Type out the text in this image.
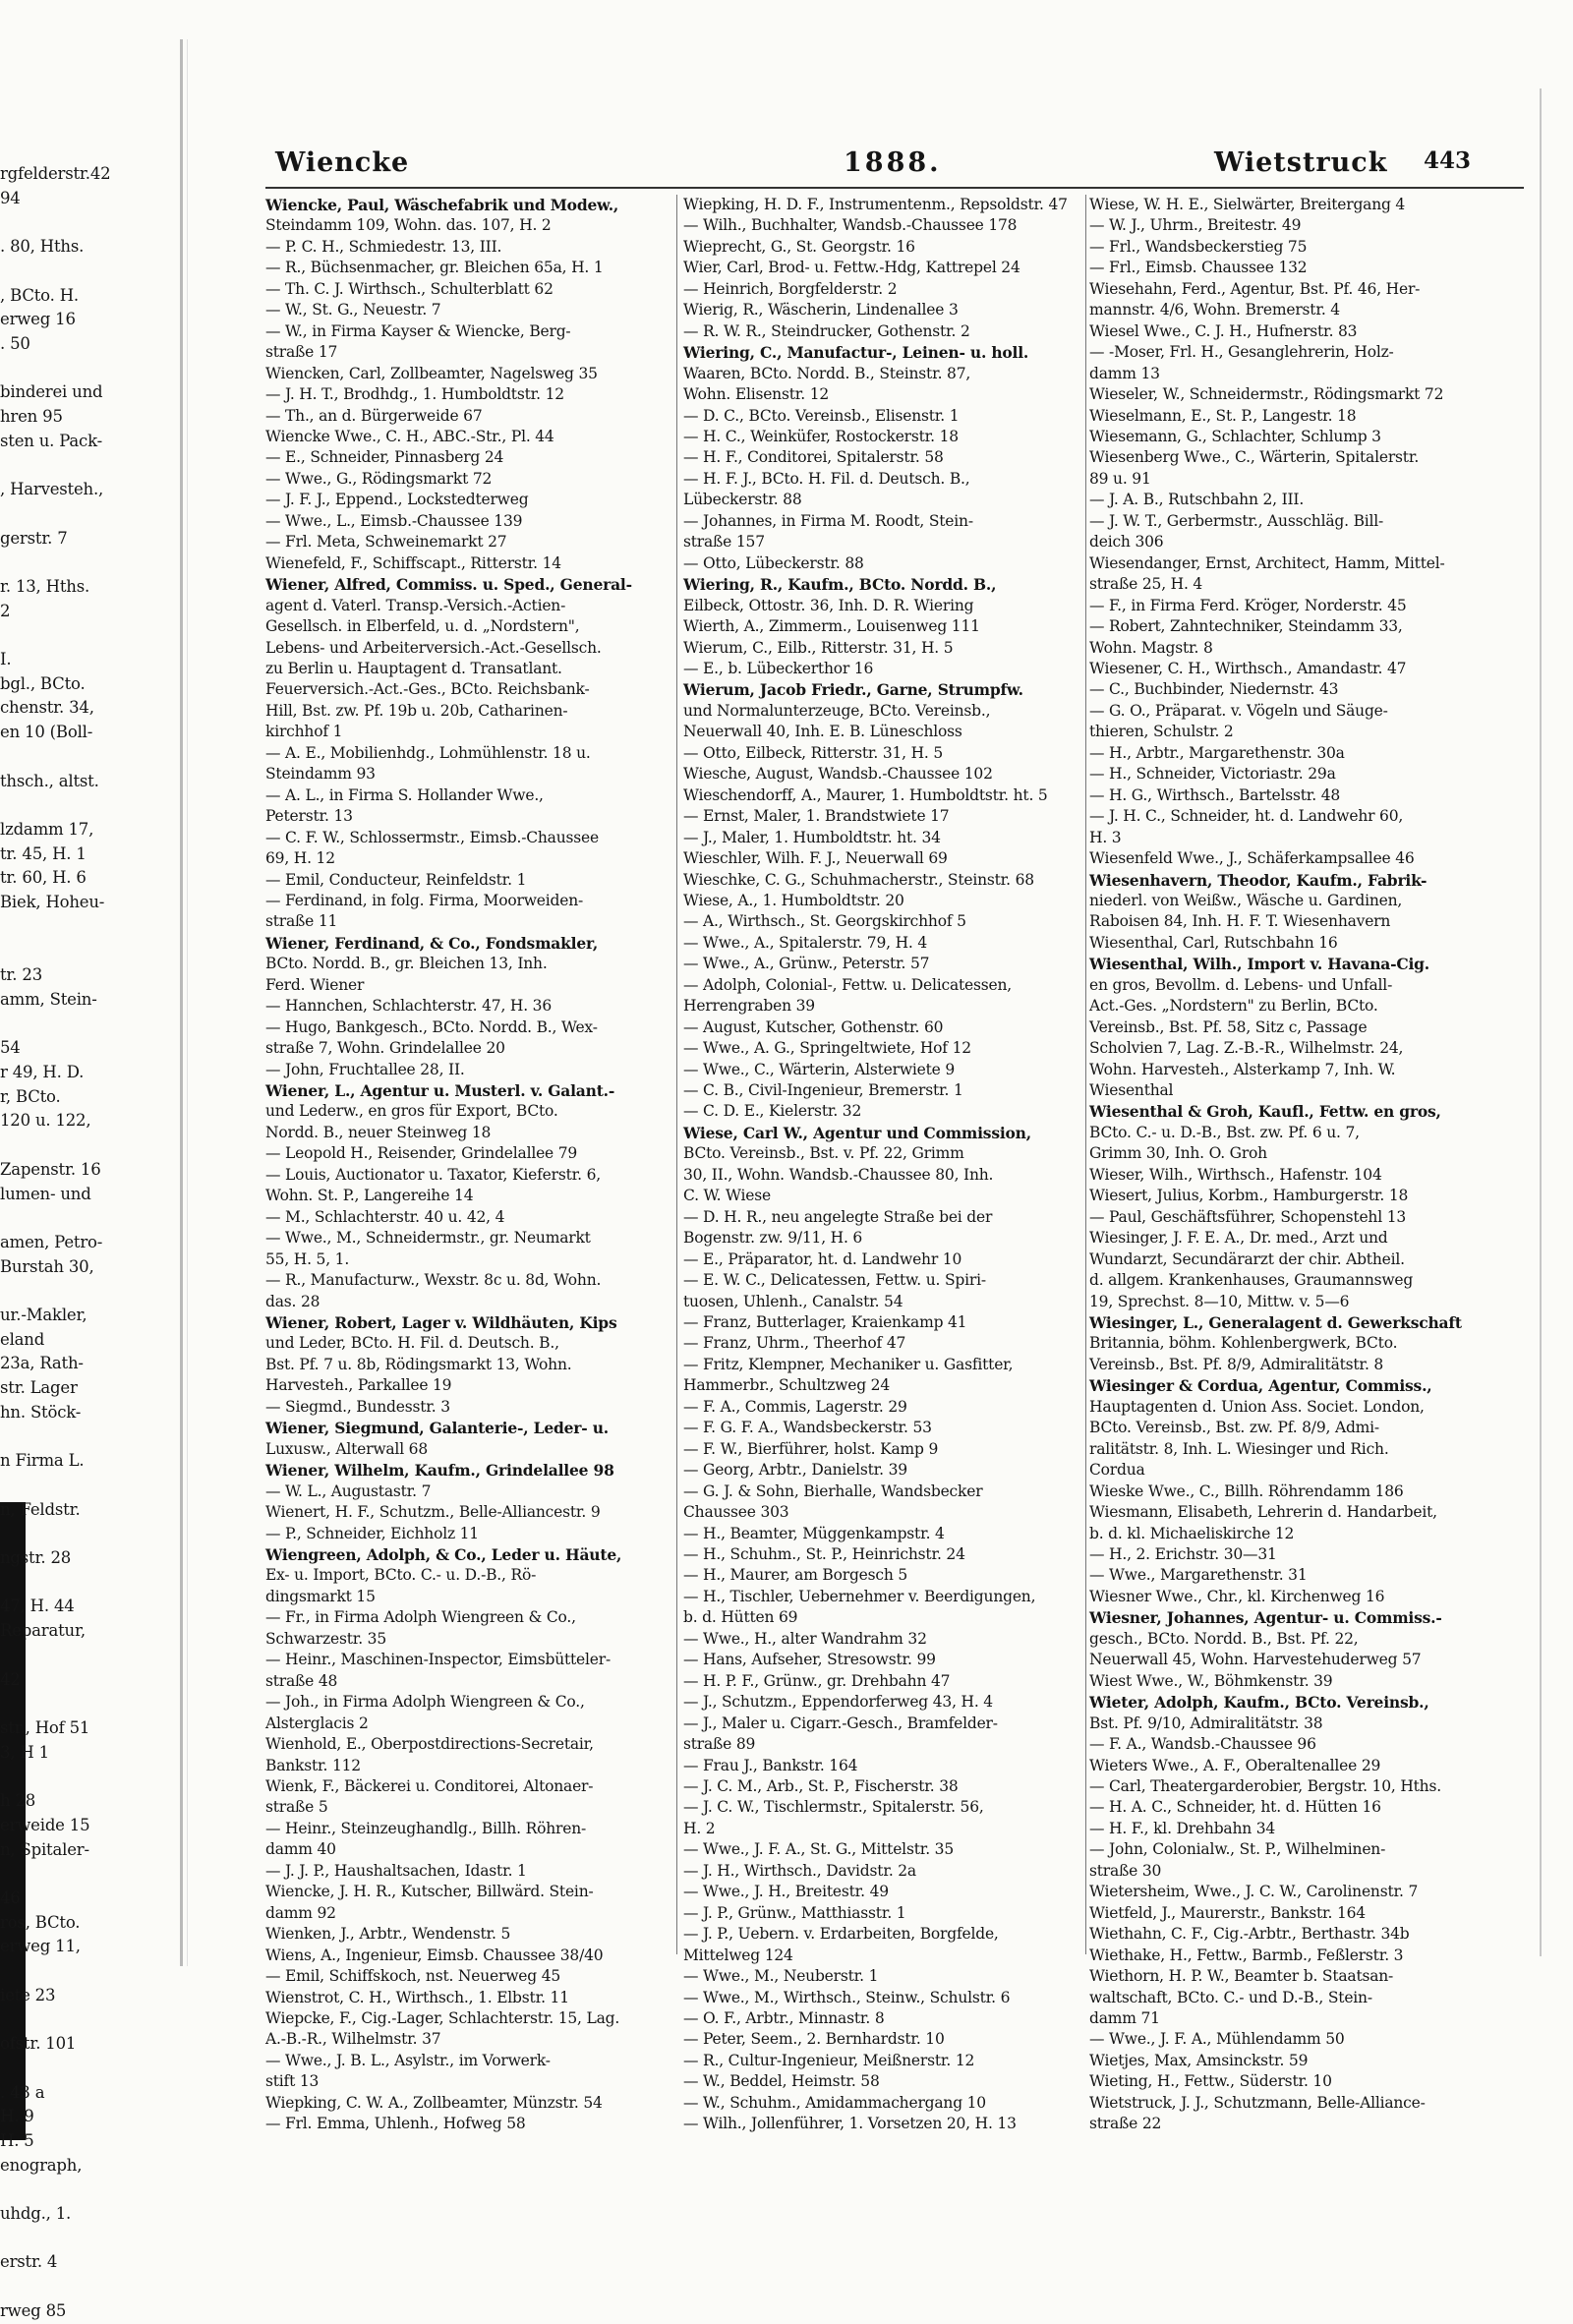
rgfelderstr.42
94

. 80, Hths.

, BCto. H.
erweg 16
. 50

binderei und
hren 95
sten u. Pack-

, Harvesteh.,

gerstr. 7

r. 13, Hths.
2

I.
bgl., BCto.
chenstr. 34,
en 10 (Boll-

thsch., altst.

lzdamm 17,
tr. 45, H. 1
tr. 60, H. 6
Biek, Hoheu-

tr. 23
amm, Stein-

54
r 49, H. D.
r, BCto.
120 u. 122,

Zapenstr. 16
lumen- und

amen, Petro-
Burstah 30,

ur.-Makler,
eland
23a, Rath-
str. Lager
hn. Stöck-

n Firma L.

n, Feldstr.

ngstr. 28

47, H. 44
Reparatur,

42

str., Hof 51
3, H 1

h 28
erweide 15
n, Spitaler-

46
ros, BCto.
erweg 11,

iete 23

ofstr. 101

. 43 a
H. 9
H. 5
enograph,

uhdg., 1.

erstr. 4

rweg 85
Wiencke	1888.	Wietstruck 443
Wiencke, Paul, Wäschefabrik und Modew.,
Steindamm 109, Wohn. das. 107, H. 2
— P. C. H., Schmiedestr. 13, III.
— R., Büchsenmacher, gr. Bleichen 65a, H. 1
— Th. C. J. Wirthsch., Schulterblatt 62
— W., St. G., Neuestr. 7
— W., in Firma Kayser & Wiencke, Berg-
straße 17
Wiencken, Carl, Zollbeamter, Nagelsweg 35
— J. H. T., Brodhdg., 1. Humboldtstr. 12
— Th., an d. Bürgerweide 67
Wiencke Wwe., C. H., ABC.-Str., Pl. 44
— E., Schneider, Pinnasberg 24
— Wwe., G., Rödingsmarkt 72
— J. F. J., Eppend., Lockstedterweg
— Wwe., L., Eimsb.-Chaussee 139
— Frl. Meta, Schweinemarkt 27
Wienefeld, F., Schiffscapt., Ritterstr. 14
Wiener, Alfred, Commiss. u. Sped., General-
agent d. Vaterl. Transp.-Versich.-Actien-
Gesellsch. in Elberfeld, u. d. „Nordstern",
Lebens- und Arbeiterversich.-Act.-Gesellsch.
zu Berlin u. Hauptagent d. Transatlant.
Feuerversich.-Act.-Ges., BCto. Reichsbank-
Hill, Bst. zw. Pf. 19b u. 20b, Catharinen-
kirchhof 1
— A. E., Mobilienhdg., Lohmühlenstr. 18 u.
Steindamm 93
— A. L., in Firma S. Hollander Wwe.,
Peterstr. 13
— C. F. W., Schlossermstr., Eimsb.-Chaussee
69, H. 12
— Emil, Conducteur, Reinfeldstr. 1
— Ferdinand, in folg. Firma, Moorweiden-
straße 11
Wiener, Ferdinand, & Co., Fondsmakler,
BCto. Nordd. B., gr. Bleichen 13, Inh.
Ferd. Wiener
— Hannchen, Schlachterstr. 47, H. 36
— Hugo, Bankgesch., BCto. Nordd. B., Wex-
straße 7, Wohn. Grindelallee 20
— John, Fruchtallee 28, II.
Wiener, L., Agentur u. Musterl. v. Galant.-
und Lederw., en gros für Export, BCto.
Nordd. B., neuer Steinweg 18
— Leopold H., Reisender, Grindelallee 79
— Louis, Auctionator u. Taxator, Kieferstr. 6,
Wohn. St. P., Langereihe 14
— M., Schlachterstr. 40 u. 42, 4
— Wwe., M., Schneidermstr., gr. Neumarkt
55, H. 5, 1.
— R., Manufacturw., Wexstr. 8c u. 8d, Wohn.
das. 28
Wiener, Robert, Lager v. Wildhäuten, Kips
und Leder, BCto. H. Fil. d. Deutsch. B.,
Bst. Pf. 7 u. 8b, Rödingsmarkt 13, Wohn.
Harvesteh., Parkallee 19
— Siegmd., Bundesstr. 3
Wiener, Siegmund, Galanterie-, Leder- u.
Luxusw., Alterwall 68
Wiener, Wilhelm, Kaufm., Grindelallee 98
— W. L., Augustastr. 7
Wienert, H. F., Schutzm., Belle-Alliancestr. 9
— P., Schneider, Eichholz 11
Wiengreen, Adolph, & Co., Leder u. Häute,
Ex- u. Import, BCto. C.- u. D.-B., Rö-
dingsmarkt 15
— Fr., in Firma Adolph Wiengreen & Co.,
Schwarzestr. 35
— Heinr., Maschinen-Inspector, Eimsbütteler-
straße 48
— Joh., in Firma Adolph Wiengreen & Co.,
Alsterglacis 2
Wienhold, E., Oberpostdirections-Secretair,
Bankstr. 112
Wienk, F., Bäckerei u. Conditorei, Altonaer-
straße 5
— Heinr., Steinzeughandlg., Billh. Röhren-
damm 40
— J. J. P., Haushaltsachen, Idastr. 1
Wiencke, J. H. R., Kutscher, Billwärd. Stein-
damm 92
Wienken, J., Arbtr., Wendenstr. 5
Wiens, A., Ingenieur, Eimsb. Chaussee 38/40
— Emil, Schiffskoch, nst. Neuerweg 45
Wienstrot, C. H., Wirthsch., 1. Elbstr. 11
Wiepcke, F., Cig.-Lager, Schlachterstr. 15, Lag.
A.-B.-R., Wilhelmstr. 37
— Wwe., J. B. L., Asylstr., im Vorwerk-
stift 13
Wiepking, C. W. A., Zollbeamter, Münzstr. 54
— Frl. Emma, Uhlenh., Hofweg 58
Wiepking, H. D. F., Instrumentenm., Repsoldstr. 47
— Wilh., Buchhalter, Wandsb.-Chaussee 178
Wieprecht, G., St. Georgstr. 16
Wier, Carl, Brod- u. Fettw.-Hdg, Kattrepel 24
— Heinrich, Borgfelderstr. 2
Wierig, R., Wäscherin, Lindenallee 3
— R. W. R., Steindrucker, Gothenstr. 2
Wiering, C., Manufactur-, Leinen- u. holl.
Waaren, BCto. Nordd. B., Steinstr. 87,
Wohn. Elisenstr. 12
— D. C., BCto. Vereinsb., Elisenstr. 1
— H. C., Weinküfer, Rostockerstr. 18
— H. F., Conditorei, Spitalerstr. 58
— H. F. J., BCto. H. Fil. d. Deutsch. B.,
Lübeckerstr. 88
— Johannes, in Firma M. Roodt, Stein-
straße 157
— Otto, Lübeckerstr. 88
Wiering, R., Kaufm., BCto. Nordd. B.,
Eilbeck, Ottostr. 36, Inh. D. R. Wiering
Wierth, A., Zimmerm., Louisenweg 111
Wierum, C., Eilb., Ritterstr. 31, H. 5
— E., b. Lübeckerthor 16
Wierum, Jacob Friedr., Garne, Strumpfw.
und Normalunterzeuge, BCto. Vereinsb.,
Neuerwall 40, Inh. E. B. Lüneschloss
— Otto, Eilbeck, Ritterstr. 31, H. 5
Wiesche, August, Wandsb.-Chaussee 102
Wieschendorff, A., Maurer, 1. Humboldtstr. ht. 5
— Ernst, Maler, 1. Brandstwiete 17
— J., Maler, 1. Humboldtstr. ht. 34
Wieschler, Wilh. F. J., Neuerwall 69
Wieschke, C. G., Schuhmacherstr., Steinstr. 68
Wiese, A., 1. Humboldtstr. 20
— A., Wirthsch., St. Georgskirchhof 5
— Wwe., A., Spitalerstr. 79, H. 4
— Wwe., A., Grünw., Peterstr. 57
— Adolph, Colonial-, Fettw. u. Delicatessen,
Herrengraben 39
— August, Kutscher, Gothenstr. 60
— Wwe., A. G., Springeltwiete, Hof 12
— Wwe., C., Wärterin, Alsterwiete 9
— C. B., Civil-Ingenieur, Bremerstr. 1
— C. D. E., Kielerstr. 32
Wiese, Carl W., Agentur und Commission,
BCto. Vereinsb., Bst. v. Pf. 22, Grimm
30, II., Wohn. Wandsb.-Chaussee 80, Inh.
C. W. Wiese
— D. H. R., neu angelegte Straße bei der
Bogenstr. zw. 9/11, H. 6
— E., Präparator, ht. d. Landwehr 10
— E. W. C., Delicatessen, Fettw. u. Spiri-
tuosen, Uhlenh., Canalstr. 54
— Franz, Butterlager, Kraienkamp 41
— Franz, Uhrm., Theerhof 47
— Fritz, Klempner, Mechaniker u. Gasfitter,
Hammerbr., Schultzweg 24
— F. A., Commis, Lagerstr. 29
— F. G. F. A., Wandsbeckerstr. 53
— F. W., Bierführer, holst. Kamp 9
— Georg, Arbtr., Danielstr. 39
— G. J. & Sohn, Bierhalle, Wandsbecker
Chaussee 303
— H., Beamter, Müggenkampstr. 4
— H., Schuhm., St. P., Heinrichstr. 24
— H., Maurer, am Borgesch 5
— H., Tischler, Uebernehmer v. Beerdigungen,
b. d. Hütten 69
— Wwe., H., alter Wandrahm 32
— Hans, Aufseher, Stresowstr. 99
— H. P. F., Grünw., gr. Drehbahn 47
— J., Schutzm., Eppendorferweg 43, H. 4
— J., Maler u. Cigarr.-Gesch., Bramfelder-
straße 89
— Frau J., Bankstr. 164
— J. C. M., Arb., St. P., Fischerstr. 38
— J. C. W., Tischlermstr., Spitalerstr. 56,
H. 2
— Wwe., J. F. A., St. G., Mittelstr. 35
— J. H., Wirthsch., Davidstr. 2a
— Wwe., J. H., Breitestr. 49
— J. P., Grünw., Matthiasstr. 1
— J. P., Uebern. v. Erdarbeiten, Borgfelde,
Mittelweg 124
— Wwe., M., Neuberstr. 1
— Wwe., M., Wirthsch., Steinw., Schulstr. 6
— O. F., Arbtr., Minnastr. 8
— Peter, Seem., 2. Bernhardstr. 10
— R., Cultur-Ingenieur, Meißnerstr. 12
— W., Beddel, Heimstr. 58
— W., Schuhm., Amidammachergang 10
— Wilh., Jollenführer, 1. Vorsetzen 20, H. 13
Wiese, W. H. E., Sielwärter, Breitergang 4
— W. J., Uhrm., Breitestr. 49
— Frl., Wandsbeckerstieg 75
— Frl., Eimsb. Chaussee 132
Wiesehahn, Ferd., Agentur, Bst. Pf. 46, Her-
mannstr. 4/6, Wohn. Bremerstr. 4
Wiesel Wwe., C. J. H., Hufnerstr. 83
— -Moser, Frl. H., Gesanglehrerin, Holz-
damm 13
Wieseler, W., Schneidermstr., Rödingsmarkt 72
Wieselmann, E., St. P., Langestr. 18
Wiesemann, G., Schlachter, Schlump 3
Wiesenberg Wwe., C., Wärterin, Spitalerstr.
89 u. 91
— J. A. B., Rutschbahn 2, III.
— J. W. T., Gerbermstr., Ausschläg. Bill-
deich 306
Wiesendanger, Ernst, Architect, Hamm, Mittel-
straße 25, H. 4
— F., in Firma Ferd. Kröger, Norderstr. 45
— Robert, Zahntechniker, Steindamm 33,
Wohn. Magstr. 8
Wiesener, C. H., Wirthsch., Amandastr. 47
— C., Buchbinder, Niedernstr. 43
— G. O., Präparat. v. Vögeln und Säuge-
thieren, Schulstr. 2
— H., Arbtr., Margarethenstr. 30a
— H., Schneider, Victoriastr. 29a
— H. G., Wirthsch., Bartelsstr. 48
— J. H. C., Schneider, ht. d. Landwehr 60,
H. 3
Wiesenfeld Wwe., J., Schäferkampsallee 46
Wiesenhavern, Theodor, Kaufm., Fabrik-
niederl. von Weißw., Wäsche u. Gardinen,
Raboisen 84, Inh. H. F. T. Wiesenhavern
Wiesenthal, Carl, Rutschbahn 16
Wiesenthal, Wilh., Import v. Havana-Cig.
en gros, Bevollm. d. Lebens- und Unfall-
Act.-Ges. „Nordstern" zu Berlin, BCto.
Vereinsb., Bst. Pf. 58, Sitz c, Passage
Scholvien 7, Lag. Z.-B.-R., Wilhelmstr. 24,
Wohn. Harvesteh., Alsterkamp 7, Inh. W.
Wiesenthal
Wiesenthal & Groh, Kaufl., Fettw. en gros,
BCto. C.- u. D.-B., Bst. zw. Pf. 6 u. 7,
Grimm 30, Inh. O. Groh
Wieser, Wilh., Wirthsch., Hafenstr. 104
Wiesert, Julius, Korbm., Hamburgerstr. 18
— Paul, Geschäftsführer, Schopenstehl 13
Wiesinger, J. F. E. A., Dr. med., Arzt und
Wundarzt, Secundärarzt der chir. Abtheil.
d. allgem. Krankenhauses, Graumannsweg
19, Sprechst. 8—10, Mittw. v. 5—6
Wiesinger, L., Generalagent d. Gewerkschaft
Britannia, böhm. Kohlenbergwerk, BCto.
Vereinsb., Bst. Pf. 8/9, Admiralitätstr. 8
Wiesinger & Cordua, Agentur, Commiss.,
Hauptagenten d. Union Ass. Societ. London,
BCto. Vereinsb., Bst. zw. Pf. 8/9, Admi-
ralitätstr. 8, Inh. L. Wiesinger und Rich.
Cordua
Wieske Wwe., C., Billh. Röhrendamm 186
Wiesmann, Elisabeth, Lehrerin d. Handarbeit,
b. d. kl. Michaeliskirche 12
— H., 2. Erichstr. 30—31
— Wwe., Margarethenstr. 31
Wiesner Wwe., Chr., kl. Kirchenweg 16
Wiesner, Johannes, Agentur- u. Commiss.-
gesch., BCto. Nordd. B., Bst. Pf. 22,
Neuerwall 45, Wohn. Harvestehuderweg 57
Wiest Wwe., W., Böhmkenstr. 39
Wieter, Adolph, Kaufm., BCto. Vereinsb.,
Bst. Pf. 9/10, Admiralitätstr. 38
— F. A., Wandsb.-Chaussee 96
Wieters Wwe., A. F., Oberaltenallee 29
— Carl, Theatergarderobier, Bergstr. 10, Hths.
— H. A. C., Schneider, ht. d. Hütten 16
— H. F., kl. Drehbahn 34
— John, Colonialw., St. P., Wilhelminen-
straße 30
Wietersheim, Wwe., J. C. W., Carolinenstr. 7
Wietfeld, J., Maurerstr., Bankstr. 164
Wiethahn, C. F., Cig.-Arbtr., Berthastr. 34b
Wiethake, H., Fettw., Barmb., Feßlerstr. 3
Wiethorn, H. P. W., Beamter b. Staatsan-
waltschaft, BCto. C.- und D.-B., Stein-
damm 71
— Wwe., J. F. A., Mühlendamm 50
Wietjes, Max, Amsinckstr. 59
Wieting, H., Fettw., Süderstr. 10
Wietstruck, J. J., Schutzmann, Belle-Alliance-
straße 22
